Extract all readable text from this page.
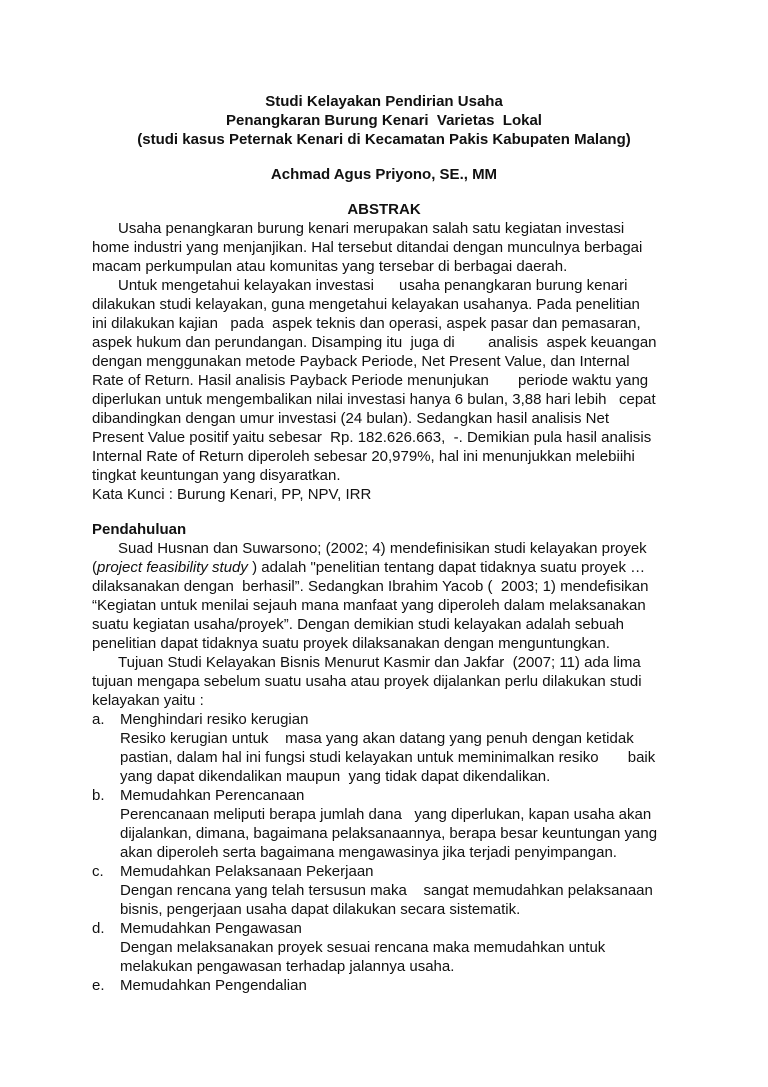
Studi Kelayakan Pendirian Usaha
Penangkaran Burung Kenari  Varietas  Lokal
(studi kasus Peternak Kenari di Kecamatan Pakis Kabupaten Malang)
Achmad Agus Priyono, SE., MM
ABSTRAK
Usaha penangkaran burung kenari merupakan salah satu kegiatan investasi
home industri yang menjanjikan. Hal tersebut ditandai dengan munculnya berbagai
macam perkumpulan atau komunitas yang tersebar di berbagai daerah.
Untuk mengetahui kelayakan investasi      usaha penangkaran burung kenari
dilakukan studi kelayakan, guna mengetahui kelayakan usahanya. Pada penelitian
ini dilakukan kajian   pada  aspek teknis dan operasi, aspek pasar dan pemasaran,
aspek hukum dan perundangan. Disamping itu  juga di        analisis  aspek keuangan
dengan menggunakan metode Payback Periode, Net Present Value, dan Internal
Rate of Return. Hasil analisis Payback Periode menunjukan       periode waktu yang
diperlukan untuk mengembalikan nilai investasi hanya 6 bulan, 3,88 hari lebih   cepat
dibandingkan dengan umur investasi (24 bulan). Sedangkan hasil analisis Net
Present Value positif yaitu sebesar  Rp. 182.626.663,  -. Demikian pula hasil analisis
Internal Rate of Return diperoleh sebesar 20,979%, hal ini menunjukkan melebiihi
tingkat keuntungan yang disyaratkan.
Kata Kunci : Burung Kenari, PP, NPV, IRR
Pendahuluan
Suad Husnan dan Suwarsono; (2002; 4) mendefinisikan studi kelayakan proyek
(project feasibility study ) adalah "penelitian tentang dapat tidaknya suatu proyek …
dilaksanakan dengan  berhasil”. Sedangkan Ibrahim Yacob (  2003; 1) mendefisikan
“Kegiatan untuk menilai sejauh mana manfaat yang diperoleh dalam melaksanakan
suatu kegiatan usaha/proyek”. Dengan demikian studi kelayakan adalah sebuah
penelitian dapat tidaknya suatu proyek dilaksanakan dengan menguntungkan.
Tujuan Studi Kelayakan Bisnis Menurut Kasmir dan Jakfar  (2007; 11) ada lima
tujuan mengapa sebelum suatu usaha atau proyek dijalankan perlu dilakukan studi
kelayakan yaitu :
a. Menghindari resiko kerugian
Resiko kerugian untuk    masa yang akan datang yang penuh dengan ketidak
pastian, dalam hal ini fungsi studi kelayakan untuk meminimalkan resiko       baik
yang dapat dikendalikan maupun  yang tidak dapat dikendalikan.
b. Memudahkan Perencanaan
Perencanaan meliputi berapa jumlah dana   yang diperlukan, kapan usaha akan
dijalankan, dimana, bagaimana pelaksanaannya, berapa besar keuntungan yang
akan diperoleh serta bagaimana mengawasinya jika terjadi penyimpangan.
c. Memudahkan Pelaksanaan Pekerjaan
Dengan rencana yang telah tersusun maka    sangat memudahkan pelaksanaan
bisnis, pengerjaan usaha dapat dilakukan secara sistematik.
d. Memudahkan Pengawasan
Dengan melaksanakan proyek sesuai rencana maka memudahkan untuk
melakukan pengawasan terhadap jalannya usaha.
e. Memudahkan Pengendalian
